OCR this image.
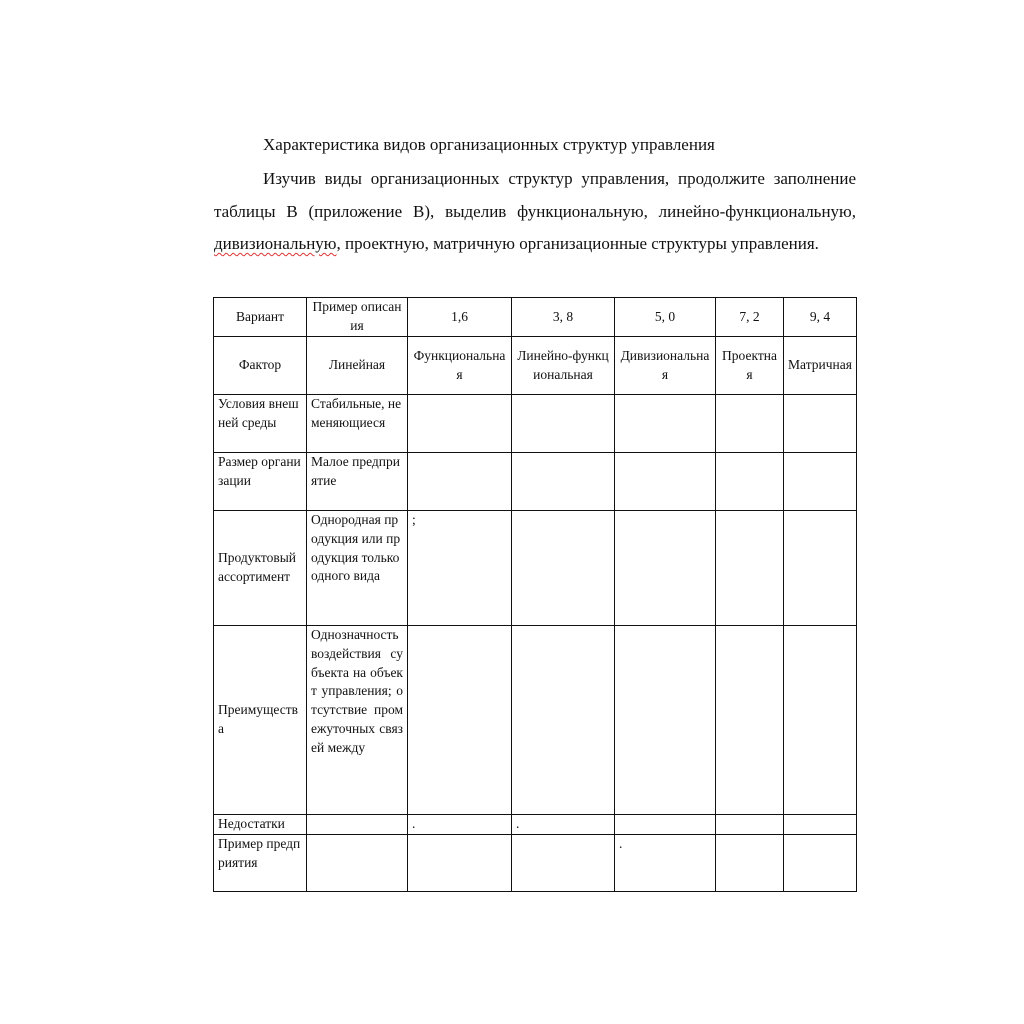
Характеристика видов организационных структур управления

Изучив виды организационных структур управления, продолжите заполнение таблицы В (приложение В), выделив функциональную, линейно-функциональную, дивизиональную, проектную, матричную организационные структуры управления.

Вариант	Пример описания	1,6	3, 8	5, 0	7, 2	9, 4
Фактор	Линейная	Функциональная	Линейно-функциональная	Дивизиональная	Проектная	Матричная
Условия внешней среды	Стабильные, неменяющиеся					
Размер организации	Малое предприятие					
Продуктовый ассортимент	Однородная продукция или продукция только одного вида	;				
Преимущества	Однозначность воздействия субъекта на объект управления; отсутствие промежуточных связей между					
Недостатки		.	.			
Пример предприятия				.		
